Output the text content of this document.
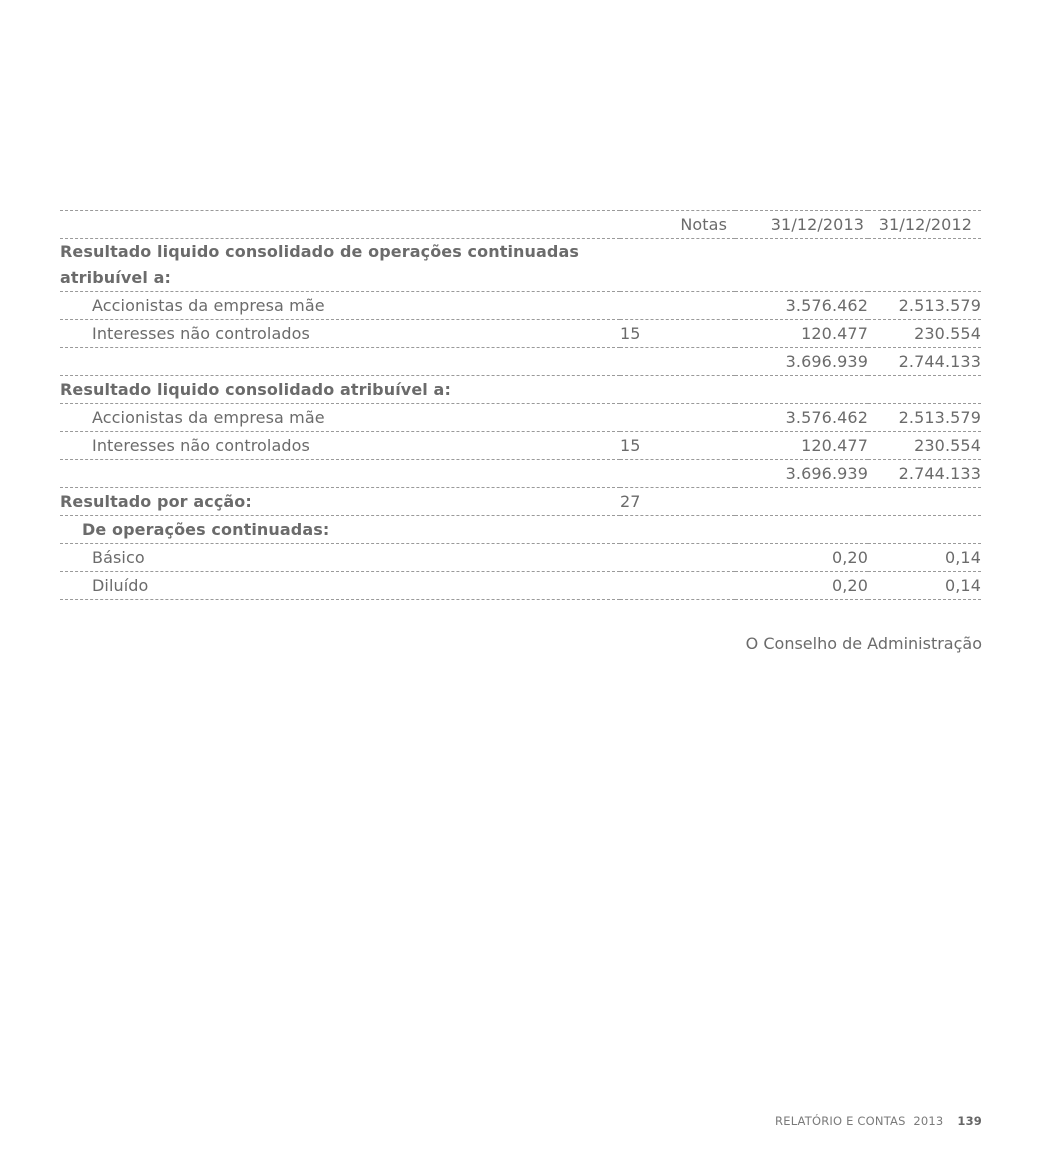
	Notas	31/12/2013	31/12/2012
Resultado liquido consolidado de operações continuadas atribuível a:			
Accionistas da empresa mãe		3.576.462	2.513.579
Interesses não controlados	15	120.477	230.554
		3.696.939	2.744.133
Resultado liquido consolidado atribuível a:			
Accionistas da empresa mãe		3.576.462	2.513.579
Interesses não controlados	15	120.477	230.554
		3.696.939	2.744.133
Resultado por acção:	27		
De operações continuadas:			
Básico		0,20	0,14
Diluído		0,20	0,14
O Conselho de Administração
RELATÓRIO E CONTAS  2013 139
